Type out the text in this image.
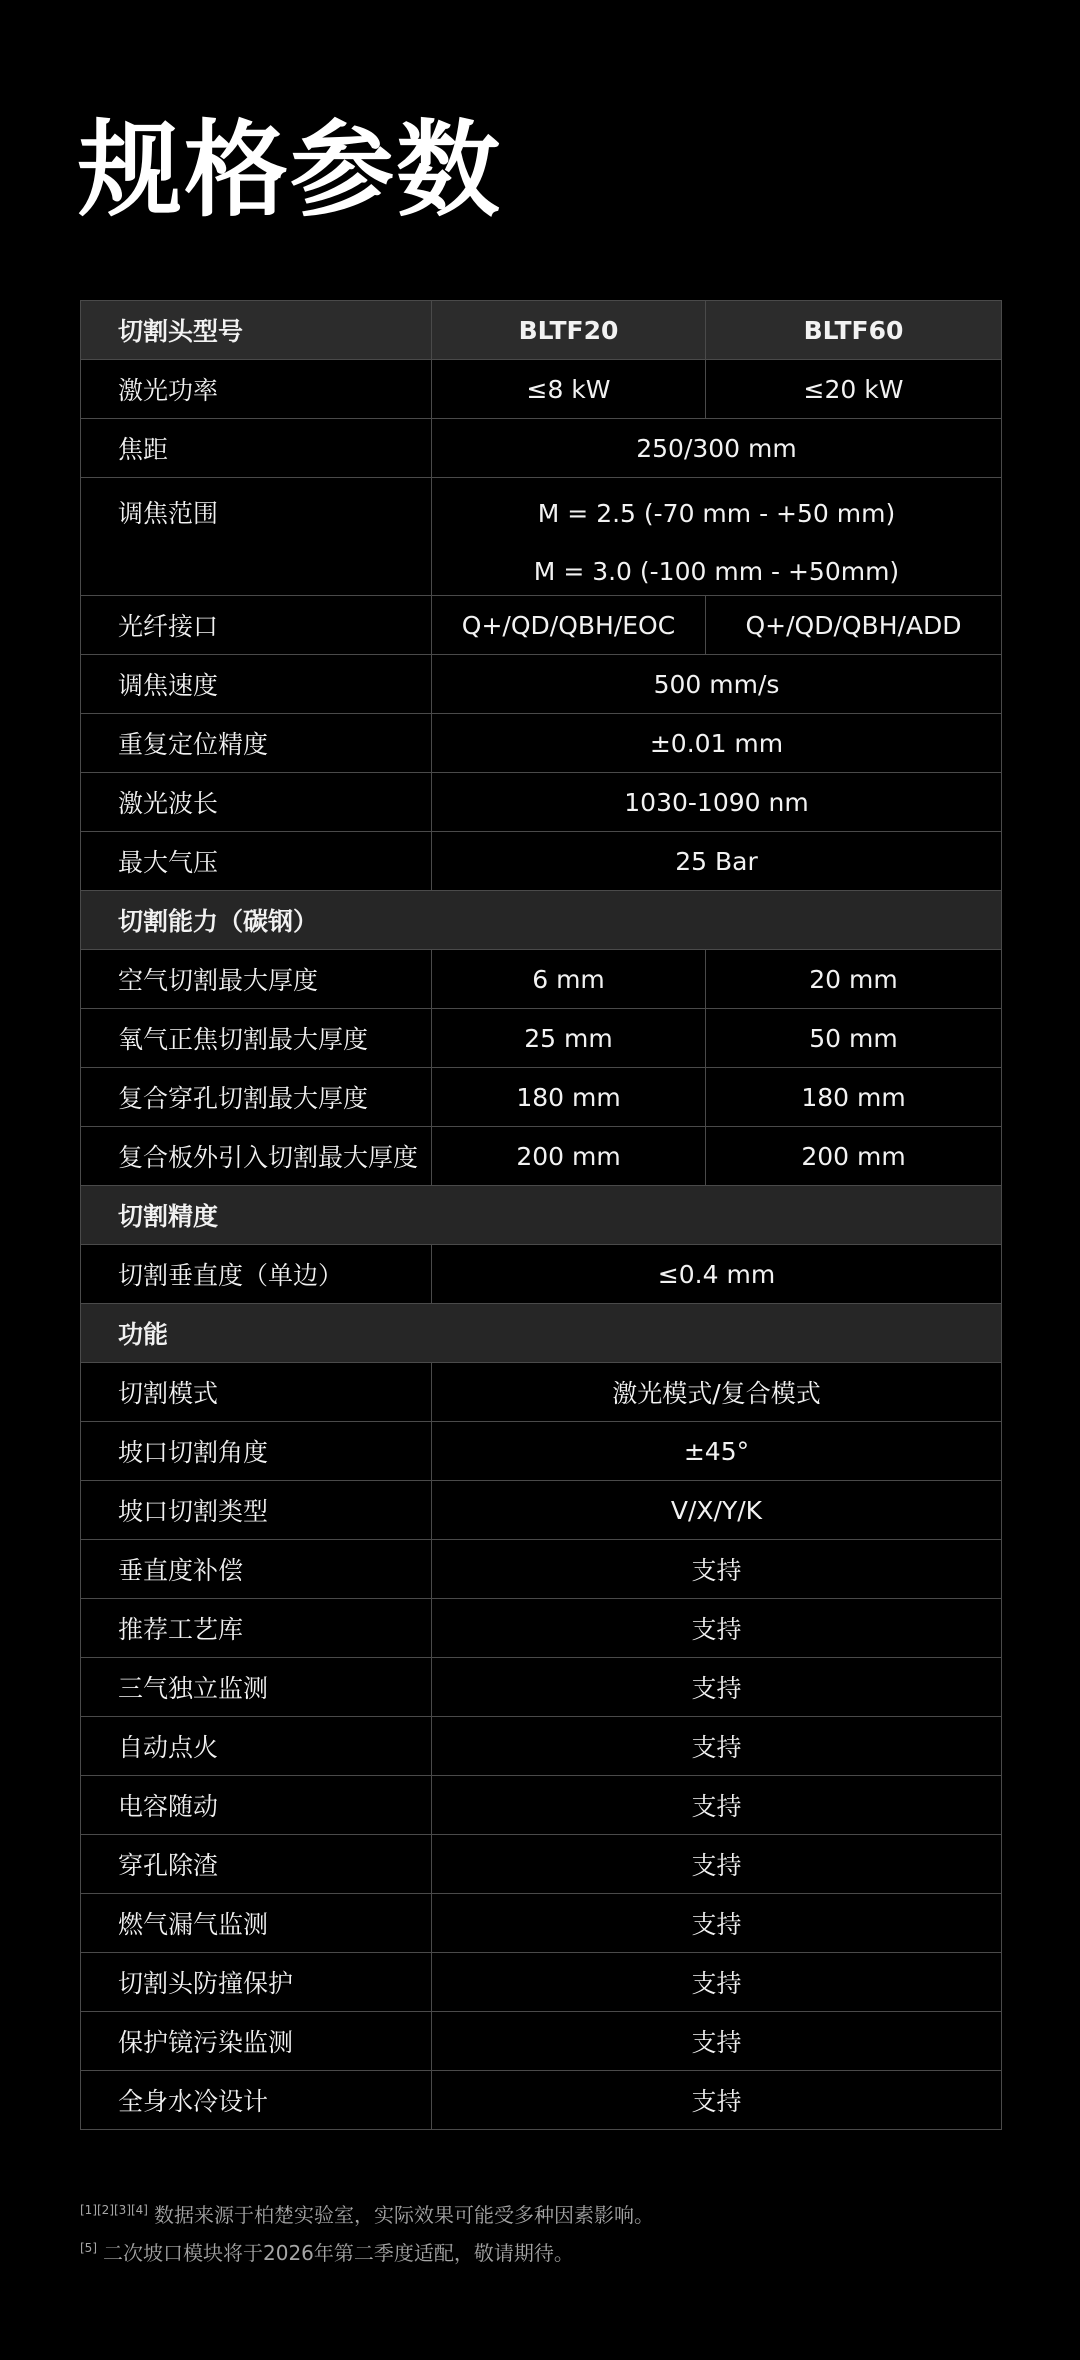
规格参数
切割头型号	BLTF20	BLTF60
激光功率	≤8 kW	≤20 kW
焦距	250/300 mm	

调焦范围	M = 2.5 (-70 mm - +50 mm)
M = 3.0 (-100 mm - +50mm)	

光纤接口	Q+/QD/QBH/EOC	Q+/QD/QBH/ADD
调焦速度	500 mm/s	
重复定位精度	±0.01 mm	
激光波长	1030-1090 nm	
最大气压	25 Bar	
切割能力（碳钢）		
空气切割最大厚度	6 mm	20 mm
氧气正焦切割最大厚度	25 mm	50 mm
复合穿孔切割最大厚度	180 mm	180 mm
复合板外引入切割最大厚度	200 mm	200 mm
切割精度		
切割垂直度（单边）	≤0.4 mm	
功能		
切割模式	激光模式/复合模式	
坡口切割角度	±45°	
坡口切割类型	V/X/Y/K	
垂直度补偿	支持	
推荐工艺库	支持	
三气独立监测	支持	
自动点火	支持	
电容随动	支持	
穿孔除渣	支持	
燃气漏气监测	支持	
切割头防撞保护	支持	
保护镜污染监测	支持	
全身水冷设计	支持	
[1][2][3][4] 数据来源于柏楚实验室，实际效果可能受多种因素影响。
[5] 二次坡口模块将于2026年第二季度适配，敬请期待。
